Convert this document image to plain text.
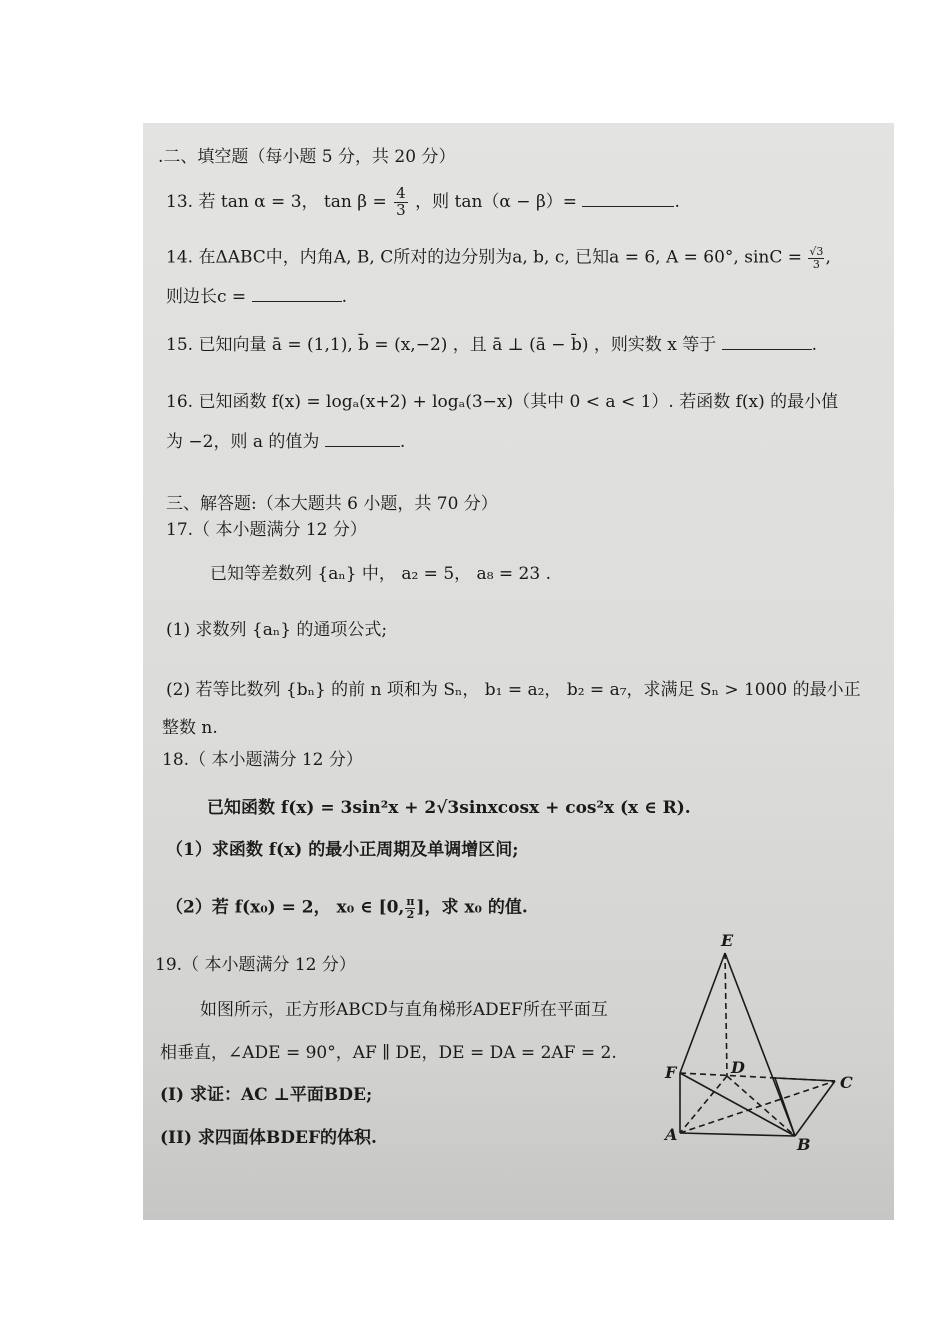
.二、填空题（每小题 5 分，共 20 分）
13. 若 tan α = 3， $\tan \beta = \frac{4}{3}$ ，则 tan（α − β）=	.
14. 在ΔABC中，内角A, B, C所对的边分别为a, b, c, 已知a = 6, A = 60°, $\sin C = \frac{√3}{3}$,
则边长c =	.
15. 已知向量 ā = (1,1), b̄ = (x,−2) ，且 ā ⊥ (ā − b̄) ，则实数 x 等于	.
16. 已知函数 f(x) = logₐ(x+2) + logₐ(3−x)（其中 0 < a < 1）. 若函数 f(x) 的最小值
为 −2，则 a 的值为	.
三、解答题:（本大题共 6 小题，共 70 分）
17.（ 本小题满分 12 分）
已知等差数列 {aₙ} 中， a₂ = 5， a₈ = 23 .
(1) 求数列 {aₙ} 的通项公式;
(2) 若等比数列 {bₙ} 的前 n 项和为 Sₙ， b₁ = a₂， b₂ = a₇，求满足 Sₙ > 1000 的最小正
整数 n.
18.（ 本小题满分 12 分）
已知函数 f(x) = 3sin²x + 2√3sinxcosx + cos²x (x ∈ R).
（1）求函数 f(x) 的最小正周期及单调增区间;
（2）若 f(x₀) = 2， x₀ ∈ [0, $\frac{\pi}{2}$]，求 x₀ 的值.
19.（ 本小题满分 12 分）
如图所示，正方形ABCD与直角梯形ADEF所在平面互
相垂直，∠ADE = 90°，AF ∥ DE，DE = DA = 2AF = 2.
(I) 求证：AC ⊥平面BDE;
(II) 求四面体BDEF的体积.
E
F	D
C
A
B
